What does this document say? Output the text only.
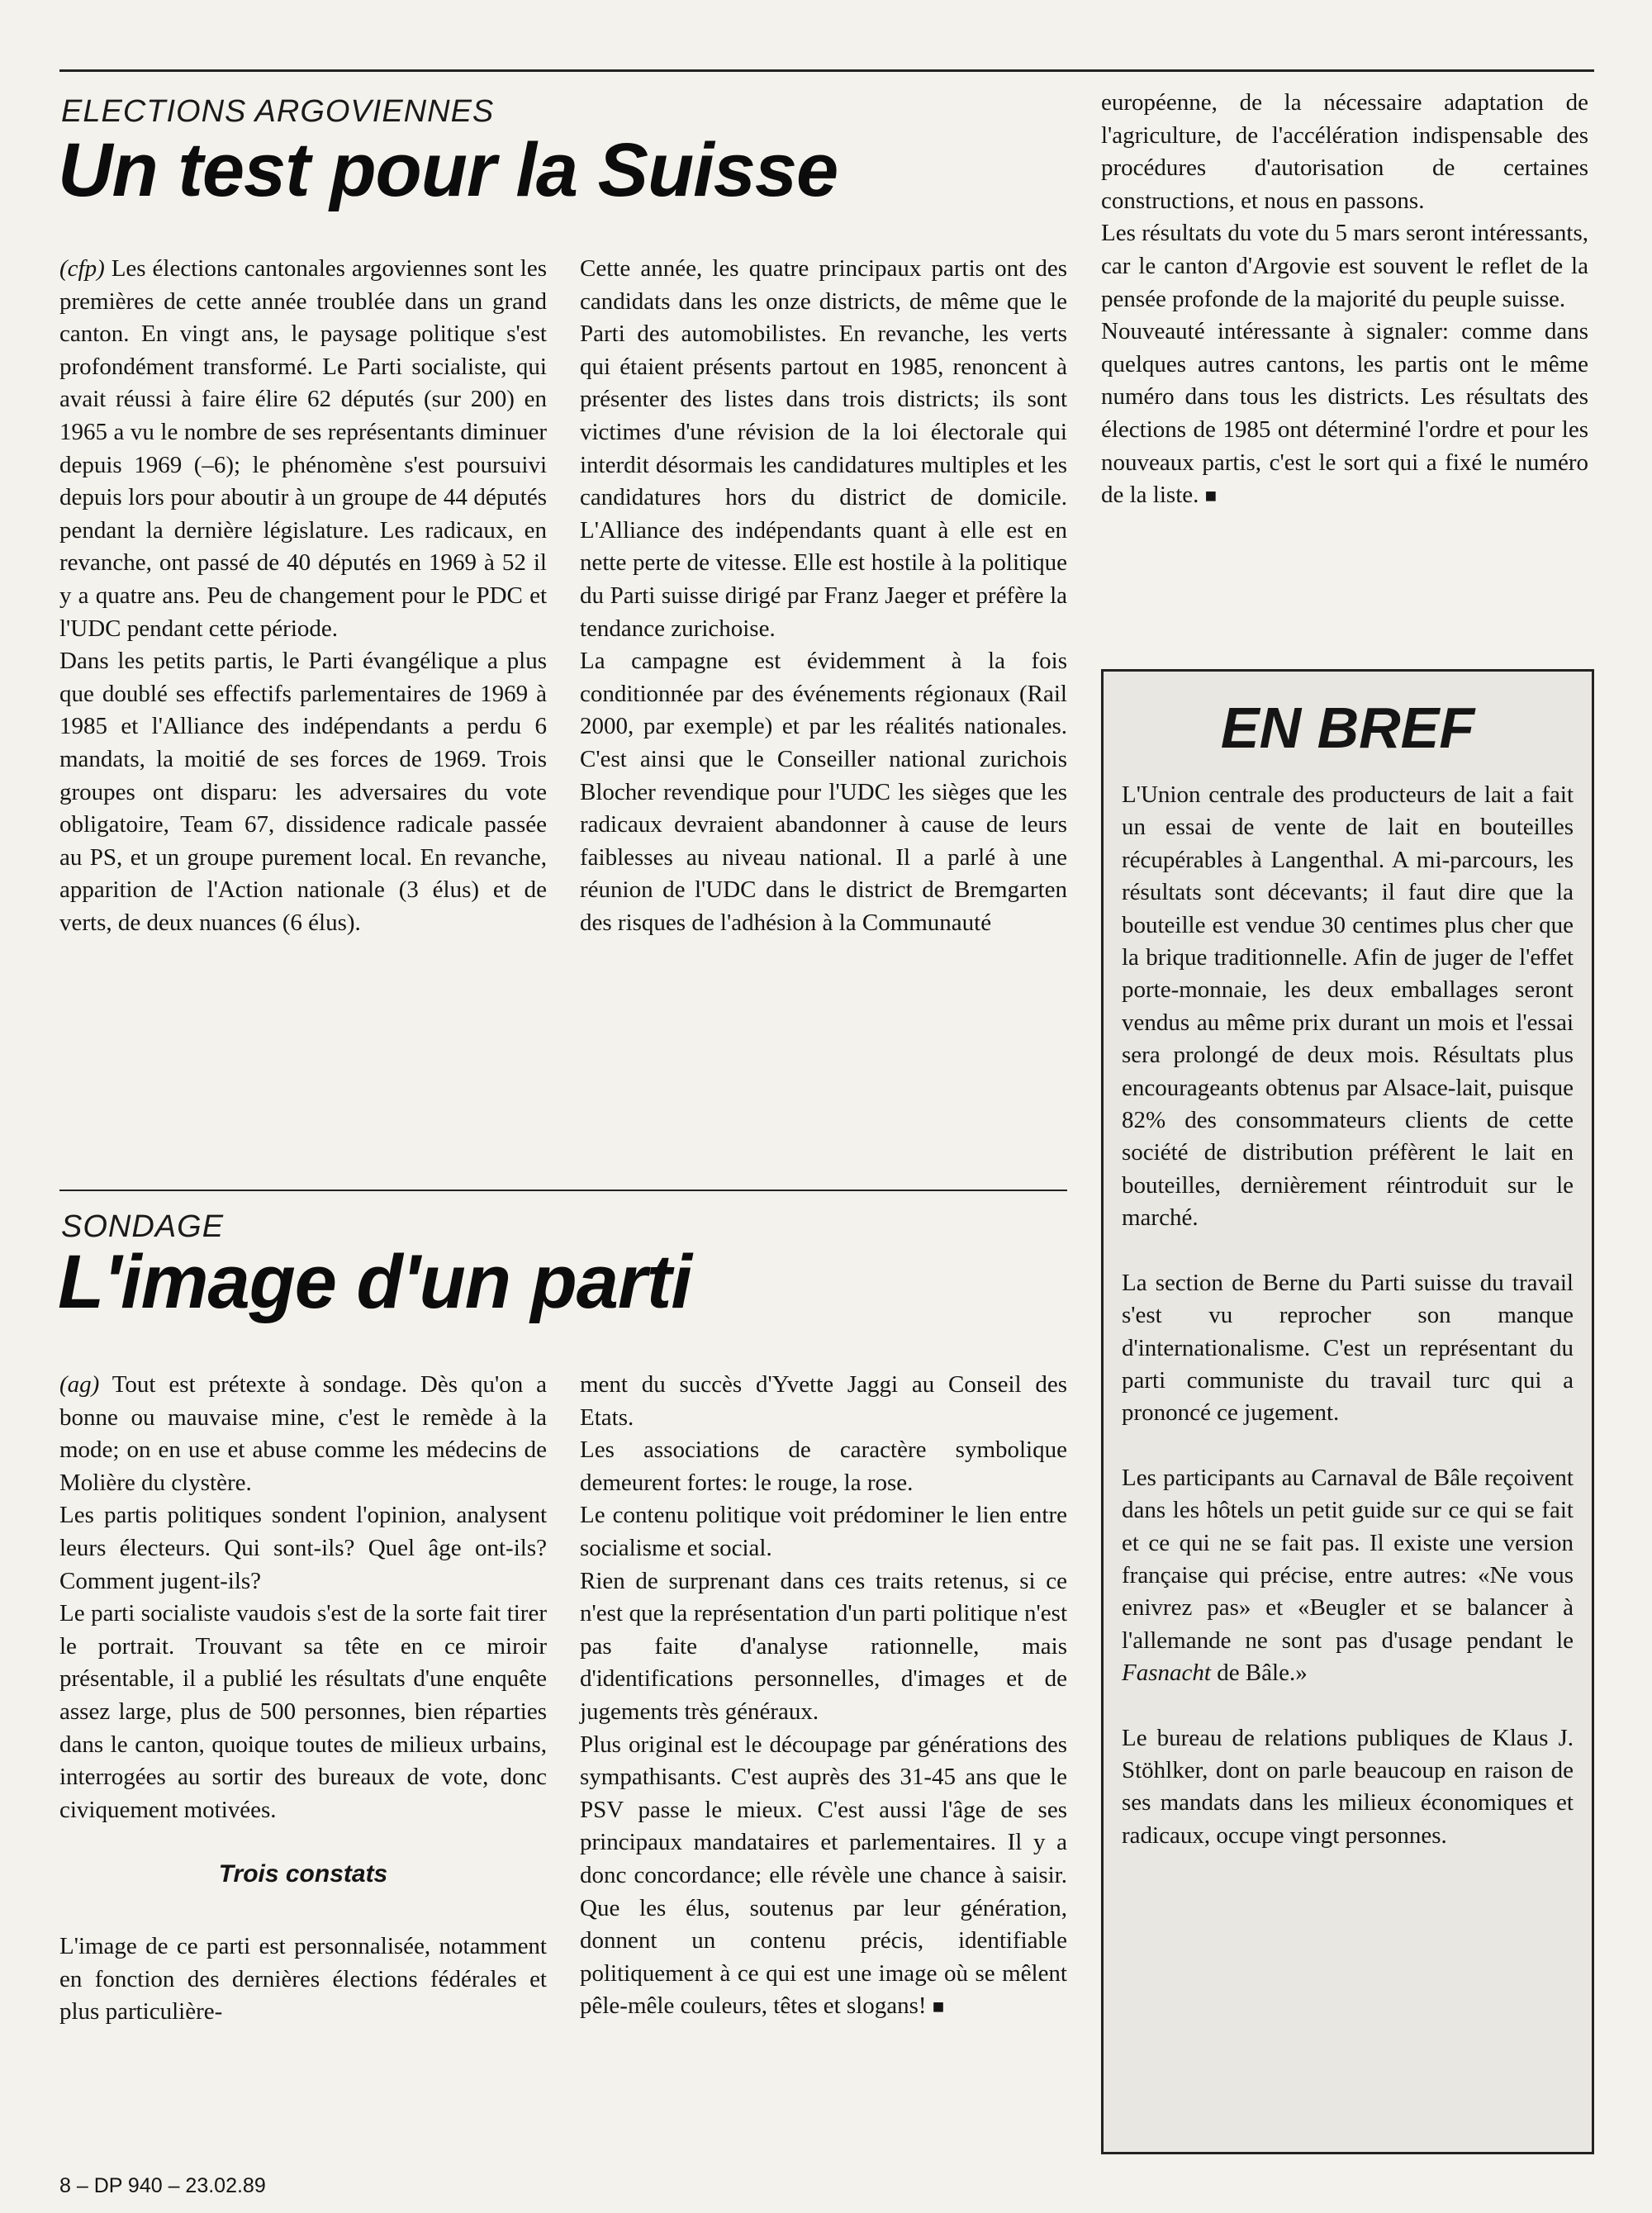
ELECTIONS ARGOVIENNES
Un test pour la Suisse

(cfp) Les élections cantonales argoviennes sont les premières de cette année troublée dans un grand canton. En vingt ans, le paysage politique s'est profondément transformé. Le Parti socialiste, qui avait réussi à faire élire 62 députés (sur 200) en 1965 a vu le nombre de ses représentants diminuer depuis 1969 (–6); le phénomène s'est poursuivi depuis lors pour aboutir à un groupe de 44 députés pendant la dernière législature. Les radicaux, en revanche, ont passé de 40 députés en 1969 à 52 il y a quatre ans. Peu de changement pour le PDC et l'UDC pendant cette période.

Dans les petits partis, le Parti évangélique a plus que doublé ses effectifs parlementaires de 1969 à 1985 et l'Alliance des indépendants a perdu 6 mandats, la moitié de ses forces de 1969. Trois groupes ont disparu: les adversaires du vote obligatoire, Team 67, dissidence radicale passée au PS, et un groupe purement local. En revanche, apparition de l'Action nationale (3 élus) et de verts, de deux nuances (6 élus).

Cette année, les quatre principaux partis ont des candidats dans les onze districts, de même que le Parti des automobilistes. En revanche, les verts qui étaient présents partout en 1985, renoncent à présenter des listes dans trois districts; ils sont victimes d'une révision de la loi électorale qui interdit désormais les candidatures multiples et les candidatures hors du district de domicile. L'Alliance des indépendants quant à elle est en nette perte de vitesse. Elle est hostile à la politique du Parti suisse dirigé par Franz Jaeger et préfère la tendance zurichoise.

La campagne est évidemment à la fois conditionnée par des événements régionaux (Rail 2000, par exemple) et par les réalités nationales. C'est ainsi que le Conseiller national zurichois Blocher revendique pour l'UDC les sièges que les radicaux devraient abandonner à cause de leurs faiblesses au niveau national. Il a parlé à une réunion de l'UDC dans le district de Bremgarten des risques de l'adhésion à la Communauté

européenne, de la nécessaire adaptation de l'agriculture, de l'accélération indispensable des procédures d'autorisation de certaines constructions, et nous en passons.

Les résultats du vote du 5 mars seront intéressants, car le canton d'Argovie est souvent le reflet de la pensée profonde de la majorité du peuple suisse.

Nouveauté intéressante à signaler: comme dans quelques autres cantons, les partis ont le même numéro dans tous les districts. Les résultats des élections de 1985 ont déterminé l'ordre et pour les nouveaux partis, c'est le sort qui a fixé le numéro de la liste. ■

SONDAGE
L'image d'un parti

(ag) Tout est prétexte à sondage. Dès qu'on a bonne ou mauvaise mine, c'est le remède à la mode; on en use et abuse comme les médecins de Molière du clystère.

Les partis politiques sondent l'opinion, analysent leurs électeurs. Qui sont-ils? Quel âge ont-ils? Comment jugent-ils?

Le parti socialiste vaudois s'est de la sorte fait tirer le portrait. Trouvant sa tête en ce miroir présentable, il a publié les résultats d'une enquête assez large, plus de 500 personnes, bien réparties dans le canton, quoique toutes de milieux urbains, interrogées au sortir des bureaux de vote, donc civiquement motivées.

Trois constats

L'image de ce parti est personnalisée, notamment en fonction des dernières élections fédérales et plus particulière-

ment du succès d'Yvette Jaggi au Conseil des Etats.

Les associations de caractère symbolique demeurent fortes: le rouge, la rose.

Le contenu politique voit prédominer le lien entre socialisme et social.

Rien de surprenant dans ces traits retenus, si ce n'est que la représentation d'un parti politique n'est pas faite d'analyse rationnelle, mais d'identifications personnelles, d'images et de jugements très généraux.

Plus original est le découpage par générations des sympathisants. C'est auprès des 31-45 ans que le PSV passe le mieux. C'est aussi l'âge de ses principaux mandataires et parlementaires. Il y a donc concordance; elle révèle une chance à saisir. Que les élus, soutenus par leur génération, donnent un contenu précis, identifiable politiquement à ce qui est une image où se mêlent pêle-mêle couleurs, têtes et slogans! ■

EN BREF

L'Union centrale des producteurs de lait a fait un essai de vente de lait en bouteilles récupérables à Langenthal. A mi-parcours, les résultats sont décevants; il faut dire que la bouteille est vendue 30 centimes plus cher que la brique traditionnelle. Afin de juger de l'effet porte-monnaie, les deux emballages seront vendus au même prix durant un mois et l'essai sera prolongé de deux mois. Résultats plus encourageants obtenus par Alsace-lait, puisque 82% des consommateurs clients de cette société de distribution préfèrent le lait en bouteilles, dernièrement réintroduit sur le marché.

La section de Berne du Parti suisse du travail s'est vu reprocher son manque d'internationalisme. C'est un représentant du parti communiste du travail turc qui a prononcé ce jugement.

Les participants au Carnaval de Bâle reçoivent dans les hôtels un petit guide sur ce qui se fait et ce qui ne se fait pas. Il existe une version française qui précise, entre autres: «Ne vous enivrez pas» et «Beugler et se balancer à l'allemande ne sont pas d'usage pendant le Fasnacht de Bâle.»

Le bureau de relations publiques de Klaus J. Stöhlker, dont on parle beaucoup en raison de ses mandats dans les milieux économiques et radicaux, occupe vingt personnes.

8 – DP 940 – 23.02.89
